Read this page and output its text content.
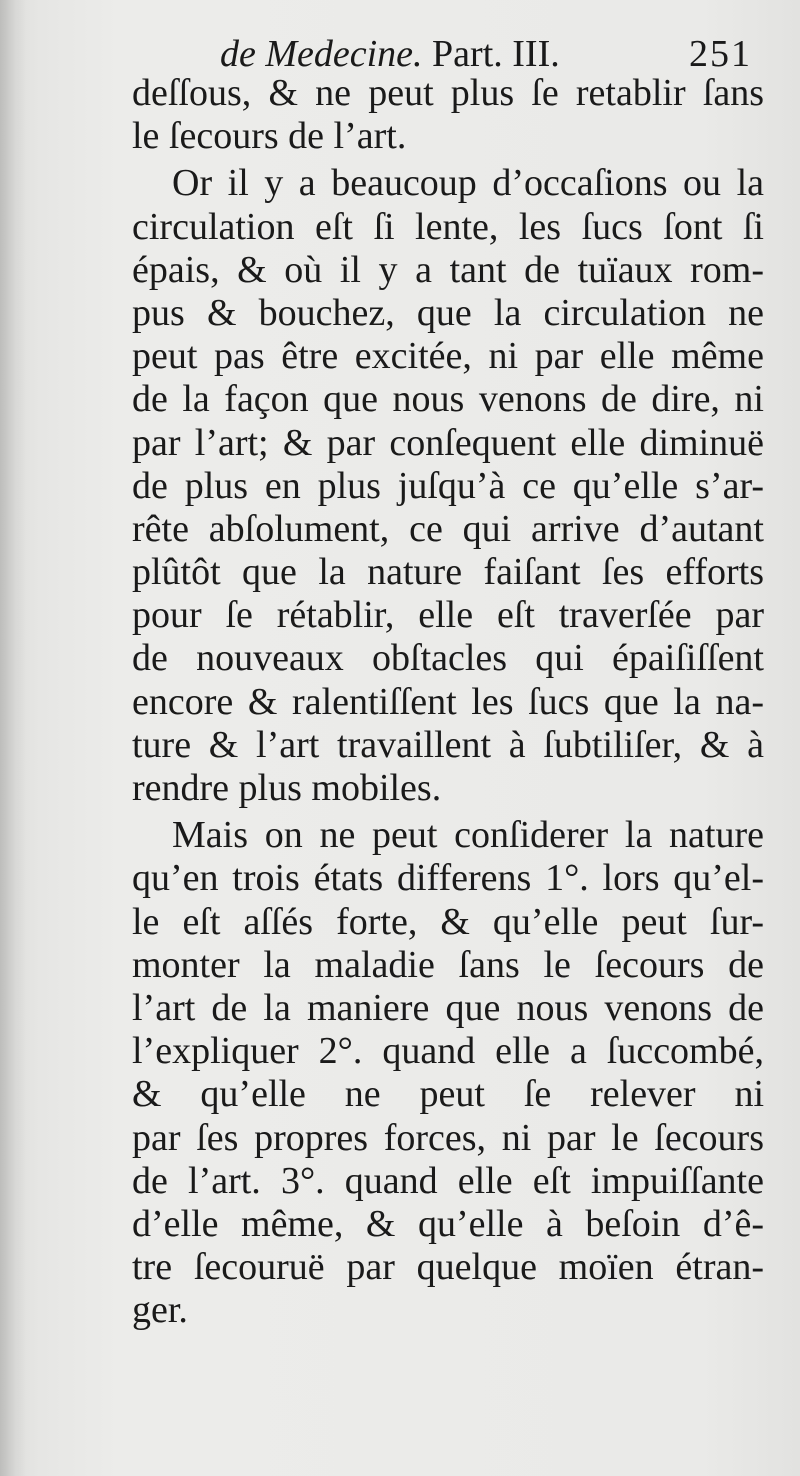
de Medecine. Part. III.	251
deſſous, & ne peut plus ſe retablir ſans
le ſecours de l’art.
Or il y a beaucoup d’occaſions ou la
circulation eſt ſi lente, les ſucs ſont ſi
épais, & où il y a tant de tuïaux rom-
pus & bouchez, que la circulation ne
peut pas être excitée, ni par elle même
de la façon que nous venons de dire, ni
par l’art; & par conſequent elle diminuë
de plus en plus juſqu’à ce qu’elle s’ar-
rête abſolument, ce qui arrive d’autant
plûtôt que la nature faiſant ſes efforts
pour ſe rétablir, elle eſt traverſée par
de nouveaux obſtacles qui épaiſiſſent
encore & ralentiſſent les ſucs que la na-
ture & l’art travaillent à ſubtiliſer, & à
rendre plus mobiles.
Mais on ne peut conſiderer la nature
qu’en trois états differens 1°. lors qu’el-
le eſt aſſés forte, & qu’elle peut ſur-
monter la maladie ſans le ſecours de
l’art de la maniere que nous venons de
l’expliquer 2°. quand elle a ſuccombé,
& qu’elle ne peut ſe relever ni
par ſes propres forces, ni par le ſecours
de l’art. 3°. quand elle eſt impuiſſante
d’elle même, & qu’elle à beſoin d’ê-
tre ſecouruë par quelque moïen étran-
ger.
